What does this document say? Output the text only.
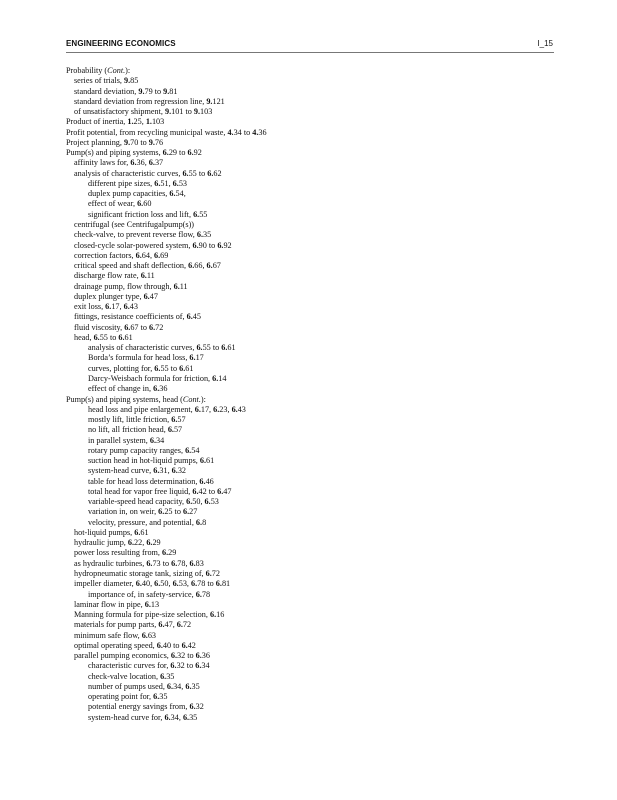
ENGINEERING ECONOMICS	I_15
Probability (Cont.):
series of trials, 9.85
standard deviation, 9.79 to 9.81
standard deviation from regression line, 9.121
of unsatisfactory shipment, 9.101 to 9.103
Product of inertia, 1.25, 1.103
Profit potential, from recycling municipal waste, 4.34 to 4.36
Project planning, 9.70 to 9.76
Pump(s) and piping systems, 6.29 to 6.92
affinity laws for, 6.36, 6.37
analysis of characteristic curves, 6.55 to 6.62
different pipe sizes, 6.51, 6.53
duplex pump capacities, 6.54,
effect of wear, 6.60
significant friction loss and lift, 6.55
centrifugal (see Centrifugalpump(s))
check-valve, to prevent reverse flow, 6.35
closed-cycle solar-powered system, 6.90 to 6.92
correction factors, 6.64, 6.69
critical speed and shaft deflection, 6.66, 6.67
discharge flow rate, 6.11
drainage pump, flow through, 6.11
duplex plunger type, 6.47
exit loss, 6.17, 6.43
fittings, resistance coefficients of, 6.45
fluid viscosity, 6.67 to 6.72
head, 6.55 to 6.61
analysis of characteristic curves, 6.55 to 6.61
Borda’s formula for head loss, 6.17
curves, plotting for, 6.55 to 6.61
Darcy-Weisbach formula for friction, 6.14
effect of change in, 6.36
Pump(s) and piping systems, head (Cont.):
head loss and pipe enlargement, 6.17, 6.23, 6.43
mostly lift, little friction, 6.57
no lift, all friction head, 6.57
in parallel system, 6.34
rotary pump capacity ranges, 6.54
suction head in hot-liquid pumps, 6.61
system-head curve, 6.31, 6.32
table for head loss determination, 6.46
total head for vapor free liquid, 6.42 to 6.47
variable-speed head capacity, 6.50, 6.53
variation in, on weir, 6.25 to 6.27
velocity, pressure, and potential, 6.8
hot-liquid pumps, 6.61
hydraulic jump, 6.22, 6.29
power loss resulting from, 6.29
as hydraulic turbines, 6.73 to 6.78, 6.83
hydropneumatic storage tank, sizing of, 6.72
impeller diameter, 6.40, 6.50, 6.53, 6.78 to 6.81
importance of, in safety-service, 6.78
laminar flow in pipe, 6.13
Manning formula for pipe-size selection, 6.16
materials for pump parts, 6.47, 6.72
minimum safe flow, 6.63
optimal operating speed, 6.40 to 6.42
parallel pumping economics, 6.32 to 6.36
characteristic curves for, 6.32 to 6.34
check-valve location, 6.35
number of pumps used, 6.34, 6.35
operating point for, 6.35
potential energy savings from, 6.32
system-head curve for, 6.34, 6.35
